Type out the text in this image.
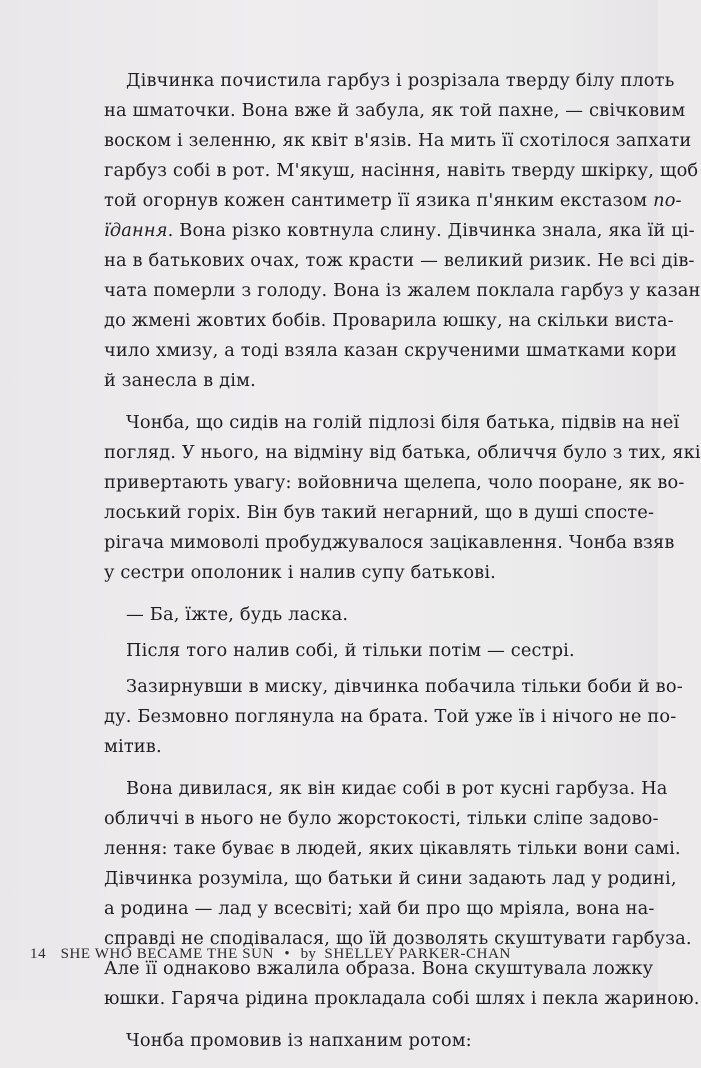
Дівчинка почистила гарбуз і розрізала тверду білу плоть
на шматочки. Вона вже й забула, як той пахне, — свічковим
воском і зеленню, як квіт в'язів. На мить її схотілося запхати
гарбуз собі в рот. М'якуш, насіння, навіть тверду шкірку, щоб
той огорнув кожен сантиметр її язика п'янким екстазом по-
їдання. Вона різко ковтнула слину. Дівчинка знала, яка їй ці-
на в батькових очах, тож красти — великий ризик. Не всі дів-
чата померли з голоду. Вона із жалем поклала гарбуз у казан
до жмені жовтих бобів. Проварила юшку, на скільки виста-
чило хмизу, а тоді взяла казан скрученими шматками кори
й занесла в дім.
Чонба, що сидів на голій підлозі біля батька, підвів на неї
погляд. У нього, на відміну від батька, обличчя було з тих, які
привертають увагу: войовнича щелепа, чоло пооране, як во-
лоський горіх. Він був такий негарний, що в душі спосте-
рігача мимоволі пробуджувалося зацікавлення. Чонба взяв
у сестри ополоник і налив супу батькові.
— Ба, їжте, будь ласка.
Після того налив собі, й тільки потім — сестрі.
Зазирнувши в миску, дівчинка побачила тільки боби й во-
ду. Безмовно поглянула на брата. Той уже їв і нічого не по-
мітив.
Вона дивилася, як він кидає собі в рот кусні гарбуза. На
обличчі в нього не було жорстокості, тільки сліпе задово-
лення: таке буває в людей, яких цікавлять тільки вони самі.
Дівчинка розуміла, що батьки й сини задають лад у родині,
а родина — лад у всесвіті; хай би про що мріяла, вона на-
справді не сподівалася, що їй дозволять скуштувати гарбуза.
Але її однаково вжалила образа. Вона скуштувала ложку
юшки. Гаряча рідина прокладала собі шлях і пекла жариною.
Чонба промовив із напханим ротом:
14 SHE WHO BECAME THE SUN • by SHELLEY PARKER-CHAN
